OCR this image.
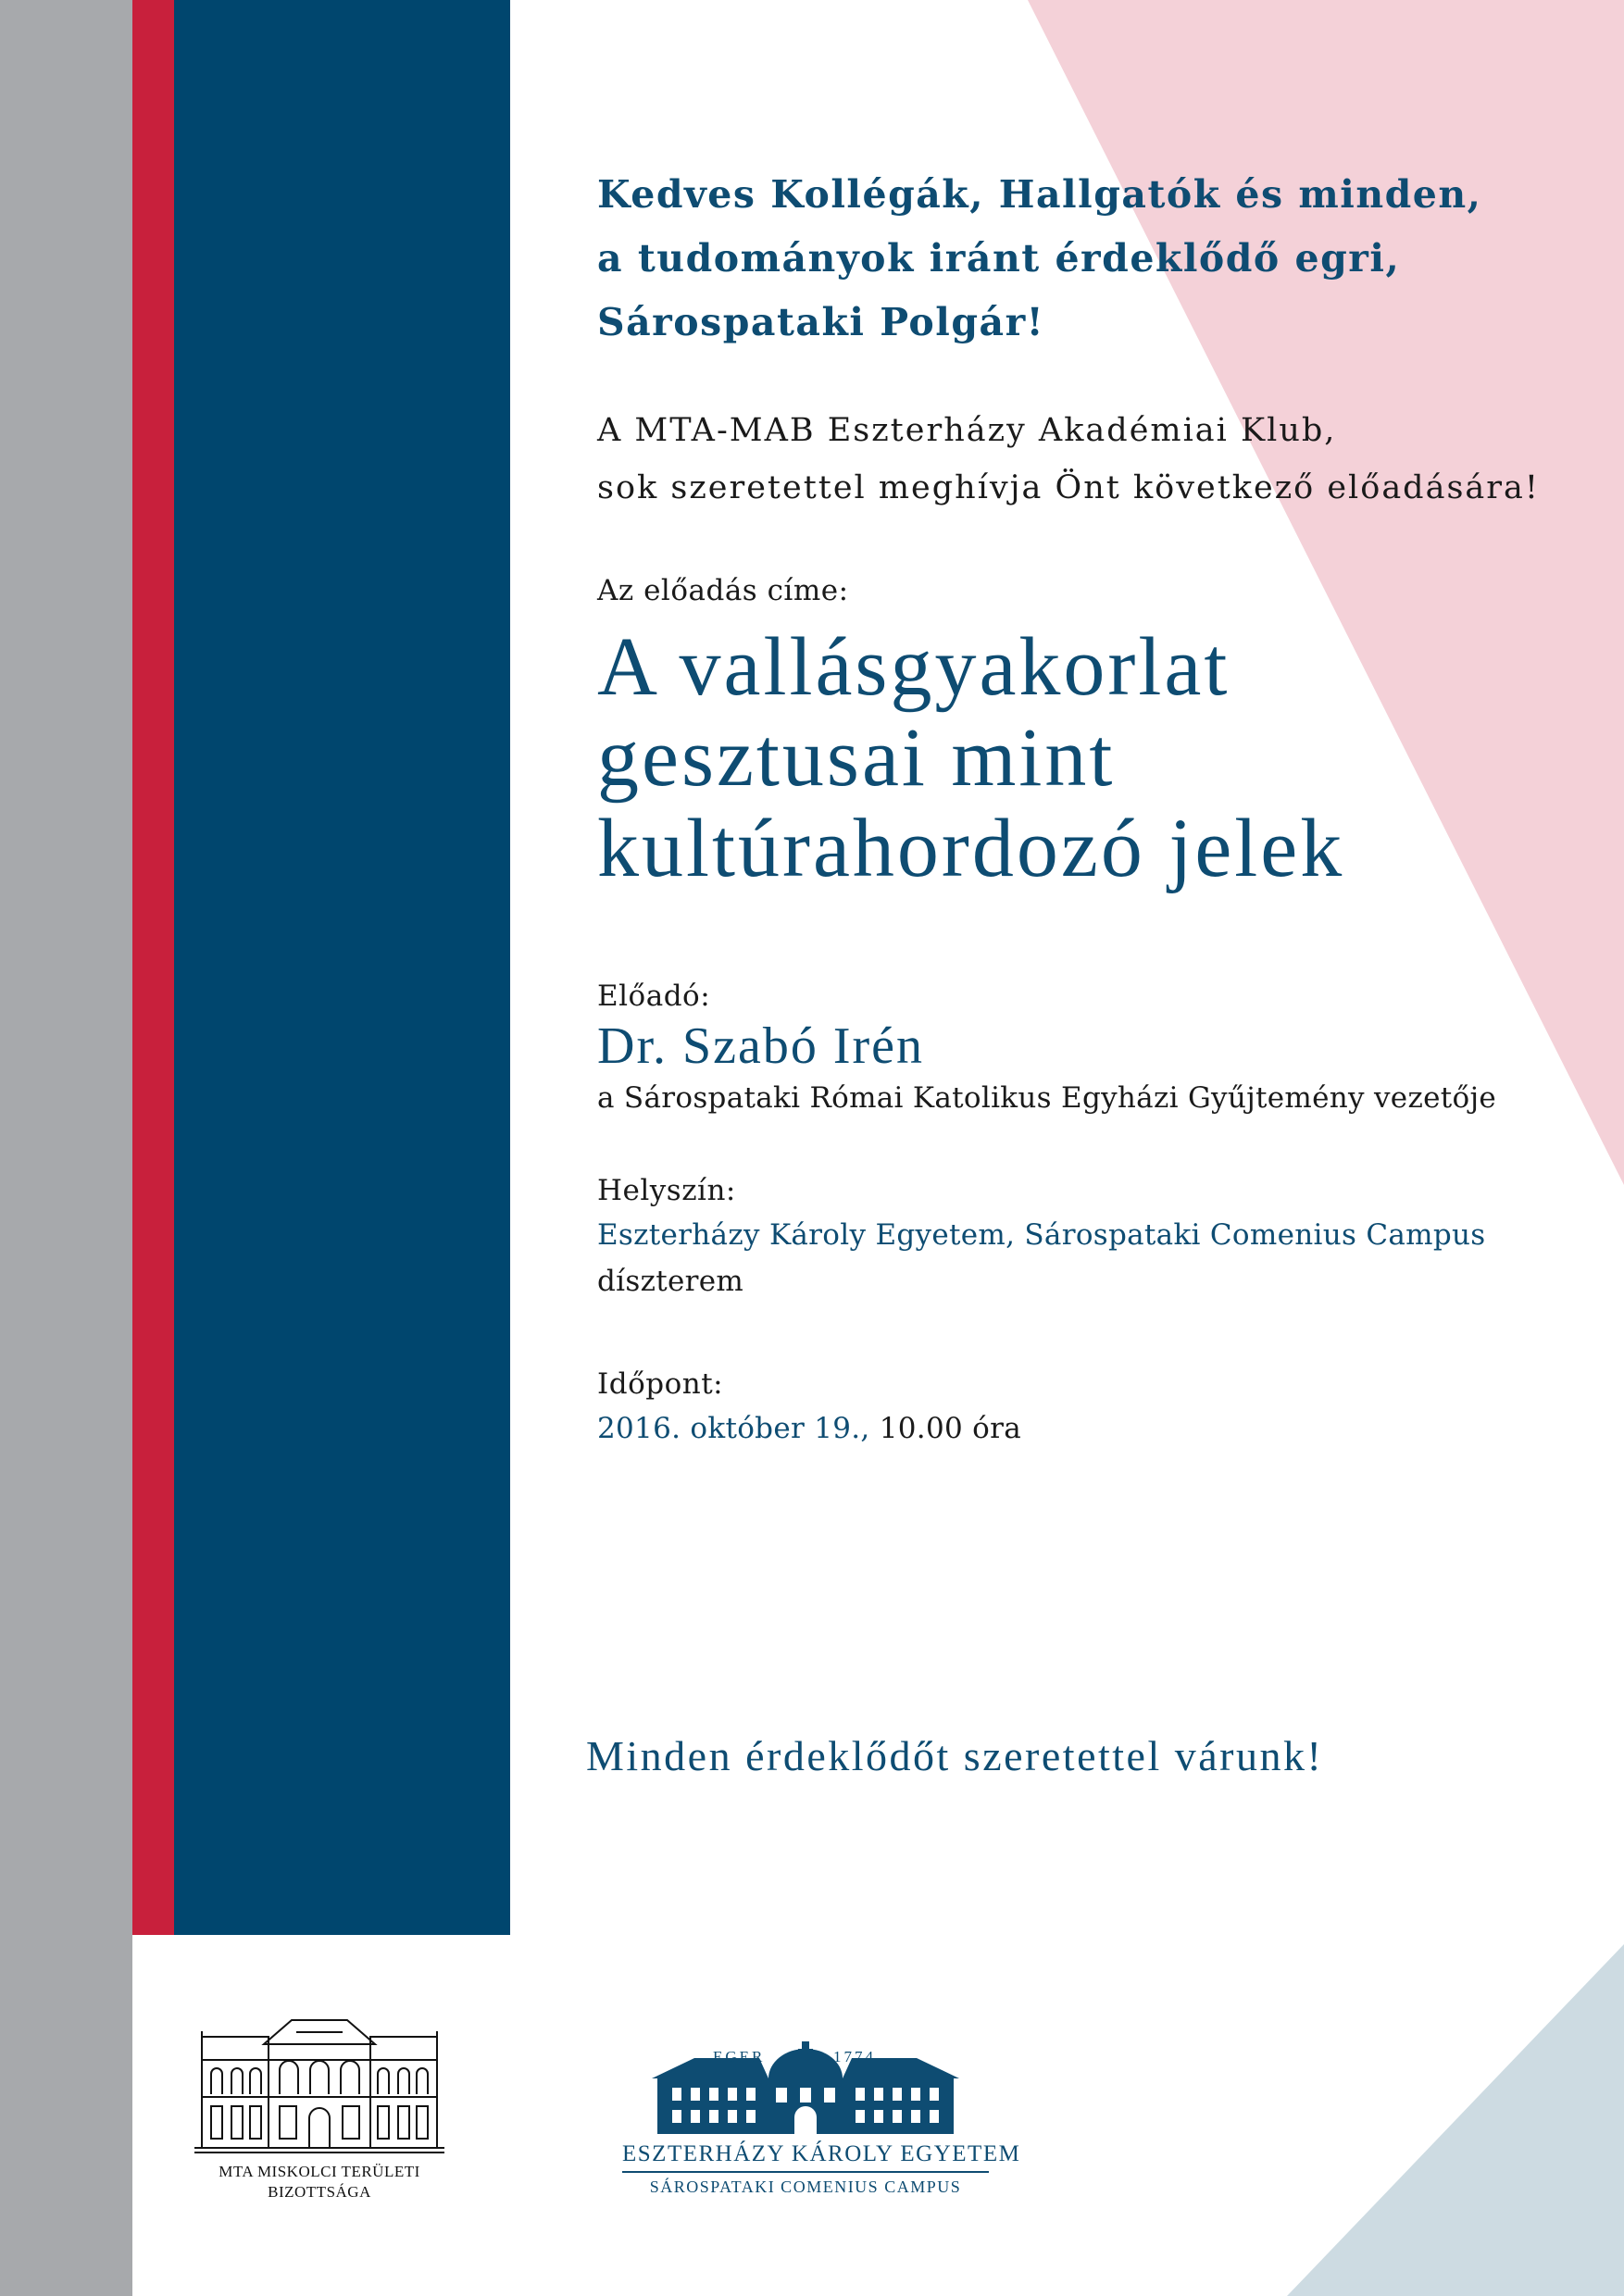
Kedves Kollégák, Hallgatók és minden,
a tudományok iránt érdeklődő egri,
Sárospataki Polgár!
A MTA-MAB Eszterházy Akadémiai Klub,
sok szeretettel meghívja Önt következő előadására!
Az előadás címe:
A vallásgyakorlat
gesztusai mint
kultúrahordozó jelek
Előadó:
Dr. Szabó Irén
a Sárospataki Római Katolikus Egyházi Gyűjtemény vezetője
Helyszín:
Eszterházy Károly Egyetem, Sárospataki Comenius Campus
díszterem
Időpont:
2016. október 19., 10.00 óra
Minden érdeklődőt szeretettel várunk!
MTA MISKOLCI TERÜLETI
BIZOTTSÁGA
EGER	1774
ESZTERHÁZY KÁROLY EGYETEM
SÁROSPATAKI COMENIUS CAMPUS
